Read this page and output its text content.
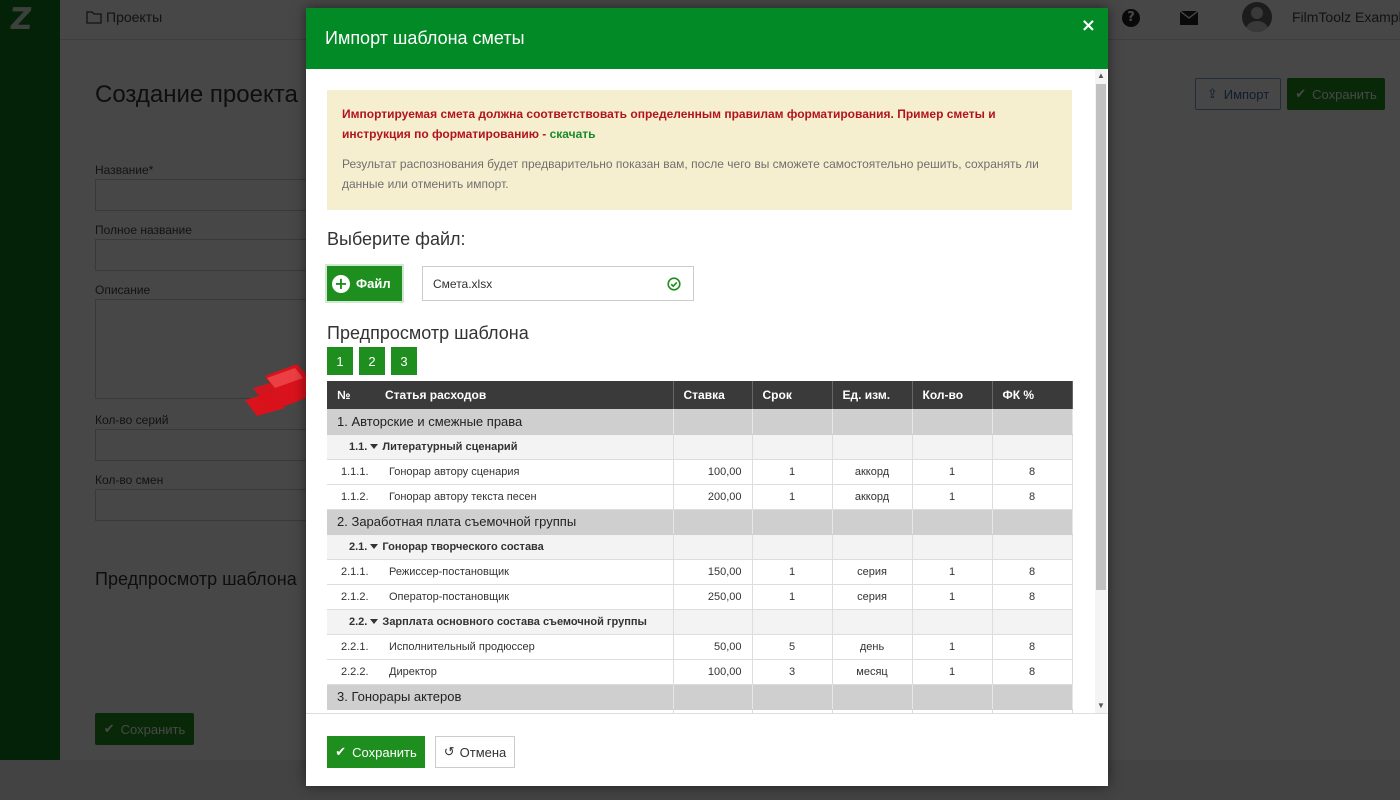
Импорт шаблона сметы
×
Импортируемая смета должна соответствовать определенным правилам форматирования. Пример сметы и инструкция по форматированию - скачать
Результат распознования будет предварительно показан вам, после чего вы сможете самостоятельно решить, сохранять ли данные или отменить импорт.
Выберите файл:
+ Файл	Смета.xlsx
Предпросмотр шаблона
1	2	3
№ Статья расходов	Ставка	Срок	Ед. изм.	Кол-во	ФК %
1. Авторские и смежные права					
1.1. Литературный сценарий					
1.1.1. Гонорар автору сценария	100,00	1	аккорд	1	8
1.1.2. Гонорар автору текста песен	200,00	1	аккорд	1	8
2. Заработная плата съемочной группы					
2.1. Гонорар творческого состава					
2.1.1. Режиссер-постановщик	150,00	1	серия	1	8
2.1.2. Оператор-постановщик	250,00	1	серия	1	8
2.2. Зарплата основного состава съемочной группы					
2.2.1. Исполнительный продюссер	50,00	5	день	1	8
2.2.2. Директор	100,00	3	месяц	1	8
3. Гонорары актеров					

▲
▼
✔ Сохранить ↺ Отмена
